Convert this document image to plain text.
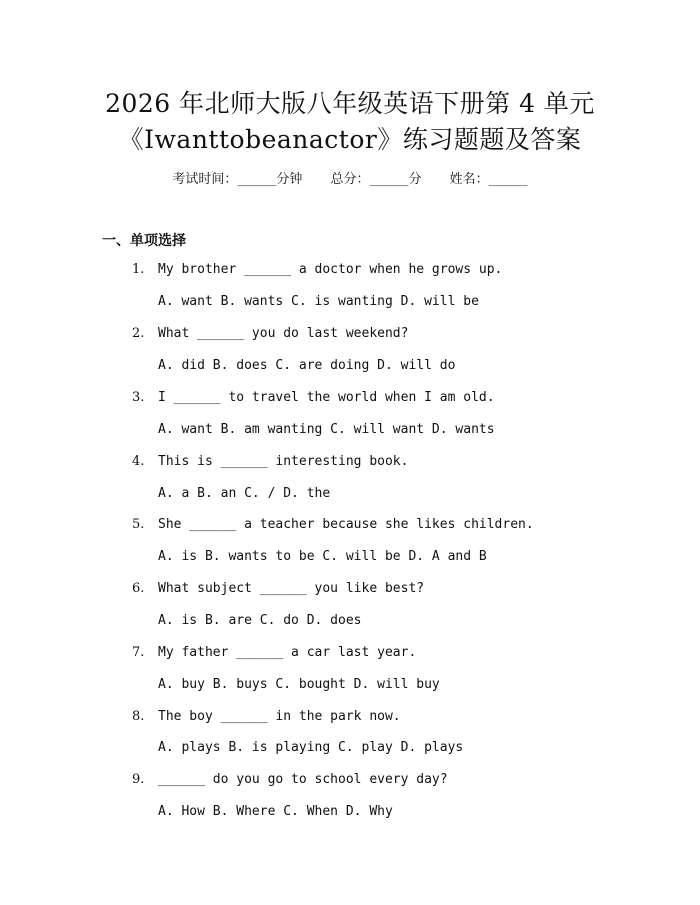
2026 年北师大版八年级英语下册第 4 单元
《Iwanttobeanactor》练习题题及答案
考试时间：______分钟 总分：______分 姓名：______
一、单项选择
1. My brother ______ a doctor when he grows up.
A. want B. wants C. is wanting D. will be
2. What ______ you do last weekend?
A. did B. does C. are doing D. will do
3. I ______ to travel the world when I am old.
A. want B. am wanting C. will want D. wants
4. This is ______ interesting book.
A. a B. an C. / D. the
5. She ______ a teacher because she likes children.
A. is B. wants to be C. will be D. A and B
6. What subject ______ you like best?
A. is B. are C. do D. does
7. My father ______ a car last year.
A. buy B. buys C. bought D. will buy
8. The boy ______ in the park now.
A. plays B. is playing C. play D. plays
9. ______ do you go to school every day?
A. How B. Where C. When D. Why
